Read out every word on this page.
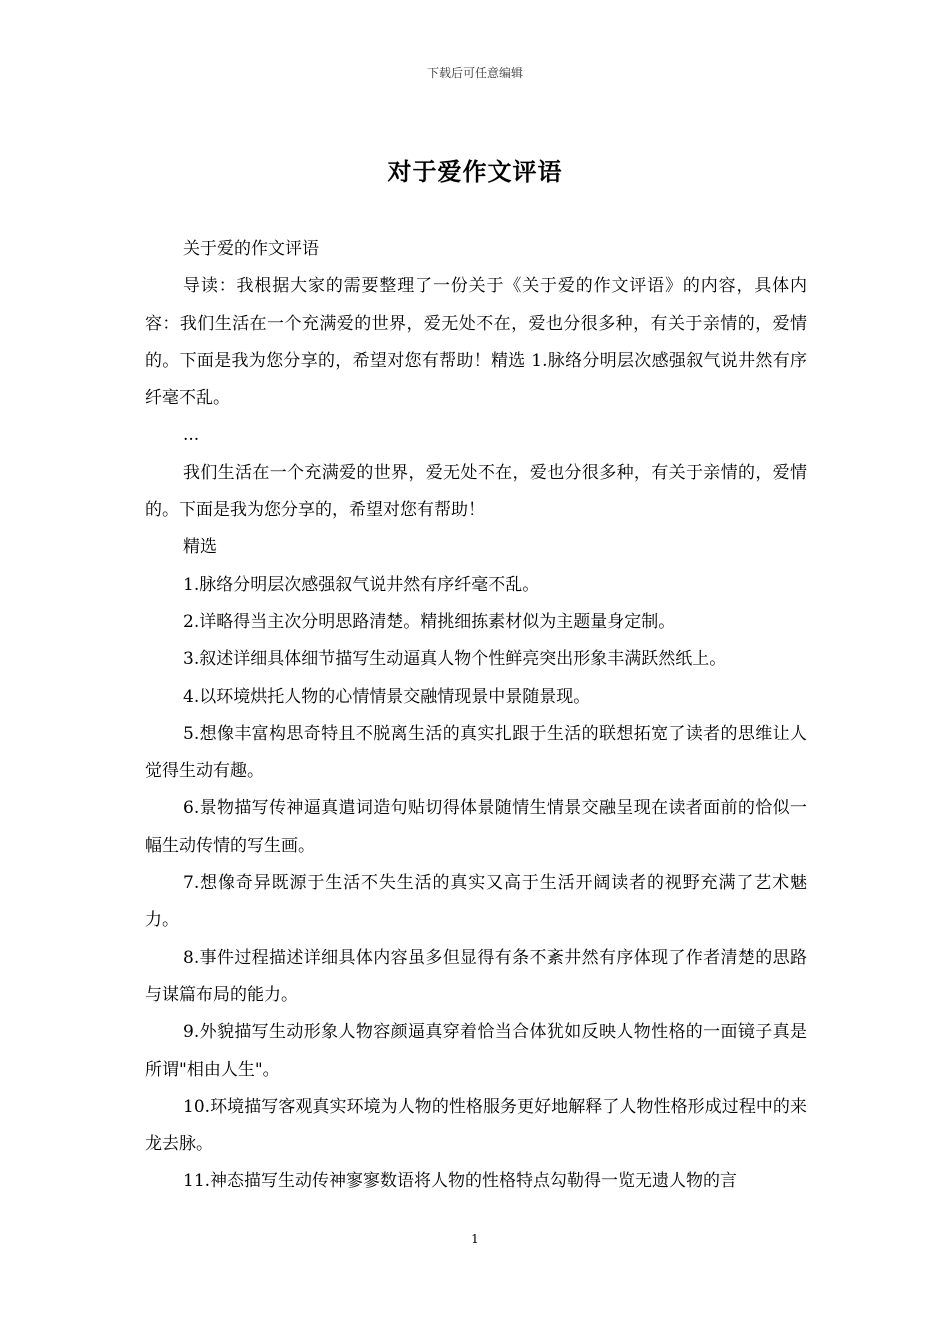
下载后可任意编辑
对于爱作文评语

关于爱的作文评语

导读：我根据大家的需要整理了一份关于《关于爱的作文评语》的内容，具体内容：我们生活在一个充满爱的世界，爱无处不在，爱也分很多种，有关于亲情的，爱情的。下面是我为您分享的，希望对您有帮助！精选 1.脉络分明层次感强叙气说井然有序纤毫不乱。

...

我们生活在一个充满爱的世界，爱无处不在，爱也分很多种，有关于亲情的，爱情的。下面是我为您分享的，希望对您有帮助！

精选

1.脉络分明层次感强叙气说井然有序纤毫不乱。

2.详略得当主次分明思路清楚。精挑细拣素材似为主题量身定制。

3.叙述详细具体细节描写生动逼真人物个性鲜亮突出形象丰满跃然纸上。

4.以环境烘托人物的心情情景交融情现景中景随景现。

5.想像丰富构思奇特且不脱离生活的真实扎跟于生活的联想拓宽了读者的思维让人觉得生动有趣。

6.景物描写传神逼真遣词造句贴切得体景随情生情景交融呈现在读者面前的恰似一幅生动传情的写生画。

7.想像奇异既源于生活不失生活的真实又高于生活开阔读者的视野充满了艺术魅力。

8.事件过程描述详细具体内容虽多但显得有条不紊井然有序体现了作者清楚的思路与谋篇布局的能力。

9.外貌描写生动形象人物容颜逼真穿着恰当合体犹如反映人物性格的一面镜子真是所谓"相由人生"。

10.环境描写客观真实环境为人物的性格服务更好地解释了人物性格形成过程中的来龙去脉。

11.神态描写生动传神寥寥数语将人物的性格特点勾勒得一览无遗人物的言

1
